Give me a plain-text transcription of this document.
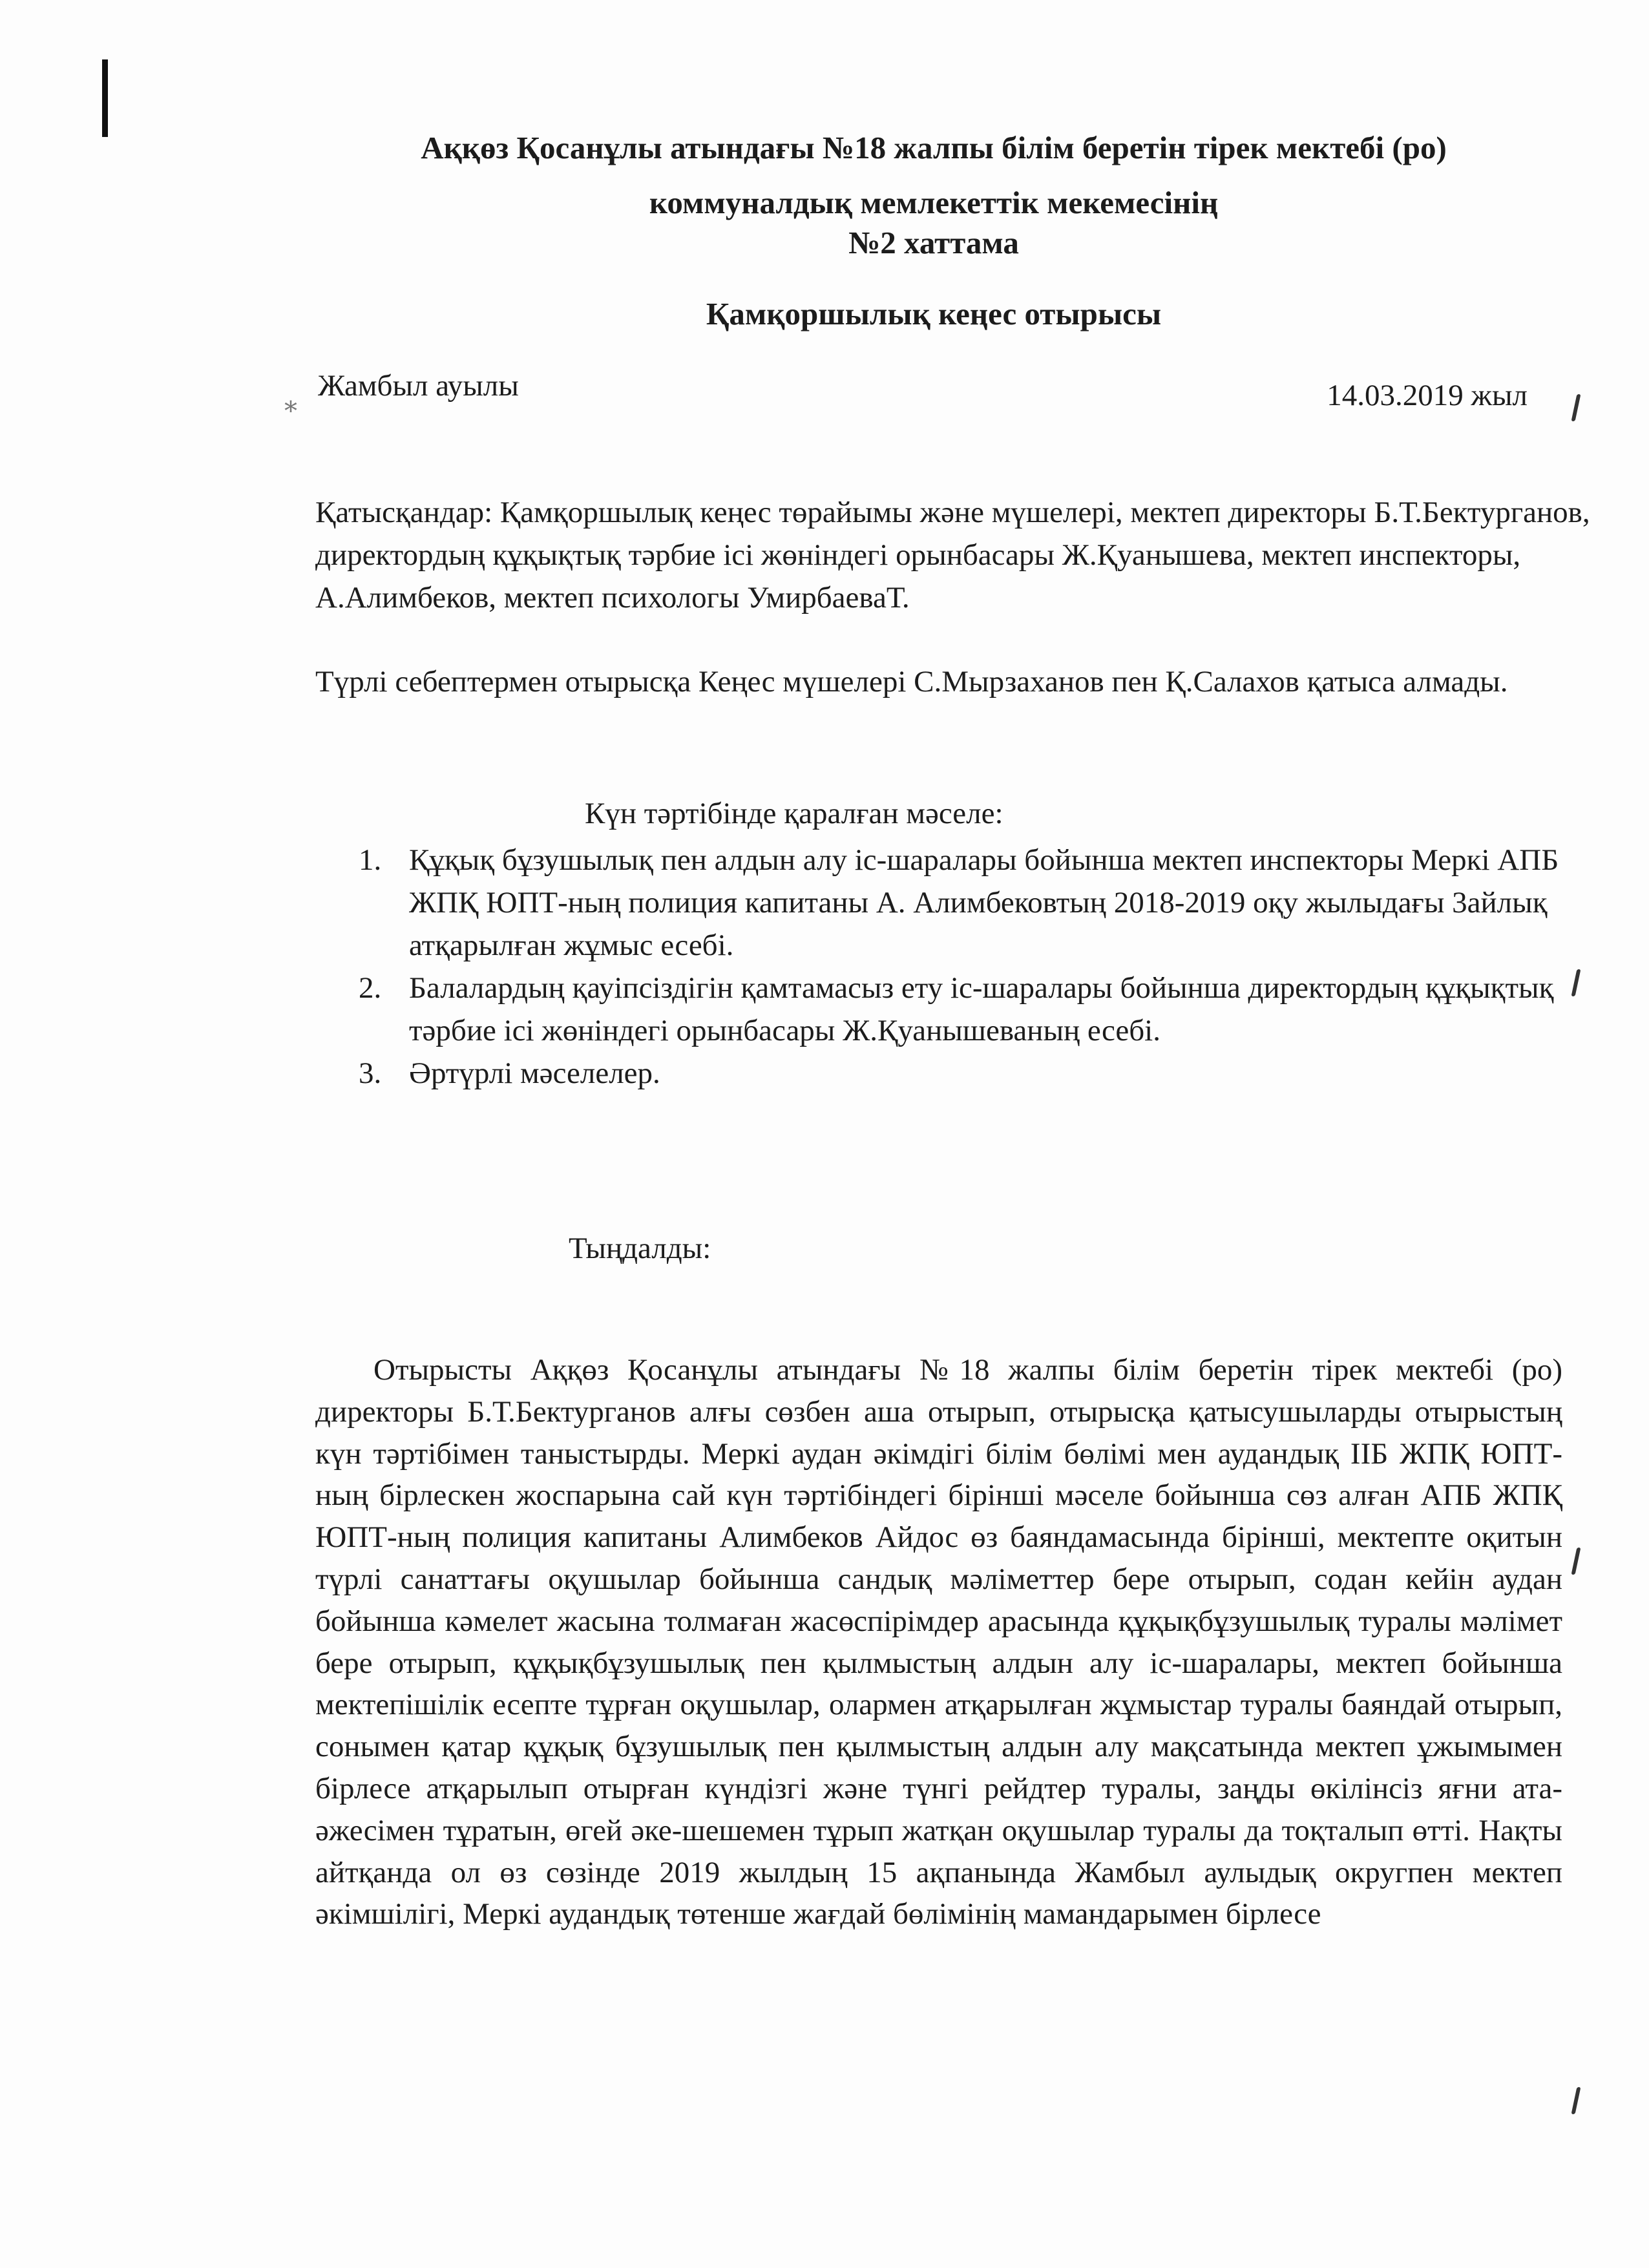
⁎
Аққөз Қосанұлы атындағы №18 жалпы білім беретін тірек мектебі (ро)
коммуналдық мемлекеттік мекемесінің
№2 хаттама
Қамқоршылық кеңес отырысы
Жамбыл ауылы	14.03.2019 жыл
Қатысқандар: Қамқоршылық кеңес төрайымы және мүшелері, мектеп директоры Б.Т.Бектурганов, директордың құқықтық тәрбие ісі жөніндегі орынбасары Ж.Қуанышева, мектеп инспекторы, А.Алимбеков, мектеп психологы УмирбаеваТ.
Түрлі себептермен отырысқа Кеңес мүшелері С.Мырзаханов пен Қ.Салахов қатыса алмады.
Күн тәртібінде қаралған мәселе:
1. Құқық бұзушылық пен алдын алу іс-шаралары бойынша мектеп инспекторы Меркі АПБ ЖПҚ ЮПТ-ның полиция капитаны А. Алимбековтың 2018-2019 оқу жылыдағы 3айлық атқарылған жұмыс есебі.
2. Балалардың қауіпсіздігін қамтамасыз ету іс-шаралары бойынша директордың құқықтық тәрбие ісі жөніндегі орынбасары Ж.Қуанышеваның есебі.
3. Әртүрлі мәселелер.
Тыңдалды:
Отырысты Аққөз Қосанұлы атындағы №18 жалпы білім беретін тірек мектебі (ро) директоры Б.Т.Бектурганов алғы сөзбен аша отырып, отырысқа қатысушыларды отырыстың күн тәртібімен таныстырды. Меркі аудан әкімдігі білім бөлімі мен аудандық ІІБ ЖПҚ ЮПТ-ның бірлескен жоспарына сай күн тәртібіндегі бірінші мәселе бойынша сөз алған АПБ ЖПҚ ЮПТ-ның полиция капитаны Алимбеков Айдос өз баяндамасында бірінші, мектепте оқитын түрлі санаттағы оқушылар бойынша сандық мәліметтер бере отырып, содан кейін аудан бойынша кәмелет жасына толмаған жасөспірімдер арасында құқықбұзушылық туралы мәлімет бере отырып, құқықбұзушылық пен қылмыстың алдын алу іс-шаралары, мектеп бойынша мектепішілік есепте тұрған оқушылар, олармен атқарылған жұмыстар туралы баяндай отырып, сонымен қатар құқық бұзушылық пен қылмыстың алдын алу мақсатында мектеп ұжымымен бірлесе атқарылып отырған күндізгі және түнгі рейдтер туралы, заңды өкілінсіз яғни ата-әжесімен тұратын, өгей әке-шешемен тұрып жатқан оқушылар туралы да тоқталып өтті. Нақты айтқанда ол өз сөзінде 2019 жылдың 15 ақпанында Жамбыл аулыдық округпен мектеп әкімшілігі, Меркі аудандық төтенше жағдай бөлімінің мамандарымен бірлесе
